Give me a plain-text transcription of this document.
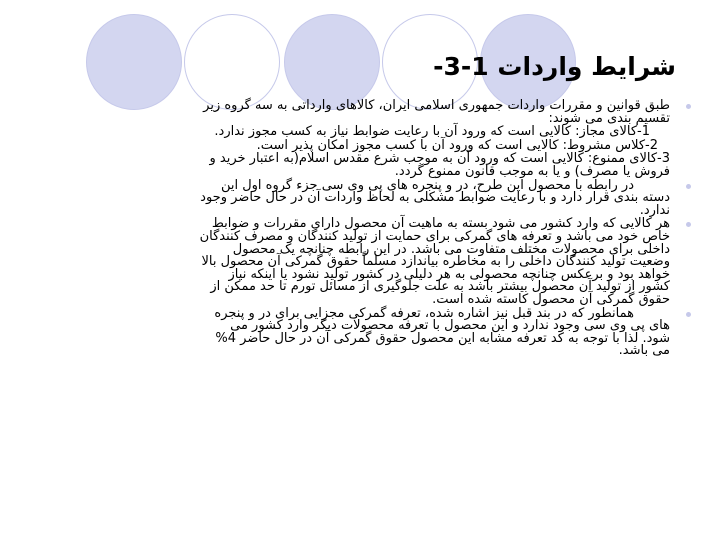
شرایط واردات 1-3-
طبق قوانین و مقررات واردات جمهوری اسلامی ایران، کالاهای وارداتی به سه گروه زیر
تقسیم بندی می شوند:
1-کالای مجاز: کالایی است که ورود آن با رعایت ضوابط نیاز به کسب مجوز ندارد.
2-کلاس مشروط: کالایی است که ورود آن با کسب مجوز امکان پذیر است.
3-کالای ممنوع: کالایی است که ورود آن به موجب شرع مقدس اسلام(به اعتبار خرید و
فروش یا مصرف) و یا به موجب قانون ممنوع گردد.
در رابطه با محصول این طرح، در و پنجره های پی وی سی جزء گروه اول این
دسته بندی قرار دارد و با رعایت ضوابط مشکلی به لحاظ واردات آن در حال حاضر وجود
ندارد.
هر کالایی که وارد کشور می شود بسته به ماهیت آن محصول دارای مقررات و ضوابط
خاص خود می باشد و تعرفه های گمرکی برای حمایت از تولید کنندگان و مصرف کنندگان
داخلی برای محصولات مختلف متفاوت می باشد. در این رابطه چنانچه یک محصول
وضعیت تولید کنندگان داخلی را به مخاطره بیاندازد مسلماً حقوق گمرکی آن محصول بالا
خواهد بود و برعکس چنانچه محصولی به هر دلیلی در کشور تولید نشود یا اینکه نیاز
کشور از تولید آن محصول بیشتر باشد به علت جلوگیری از مسائل تورم تا حد ممکن از
حقوق گمرکی آن محصول کاسته شده است.
همانطور که در بند قبل نیز اشاره شده، تعرفه گمرکی مجزایی برای در و پنجره
های پی وی سی وجود ندارد و این محصول با تعرفه محصولات دیگر وارد کشور می
شود. لذا با توجه به کد تعرفه مشابه این محصول حقوق گمرکی آن در حال حاضر 4%
می باشد.
